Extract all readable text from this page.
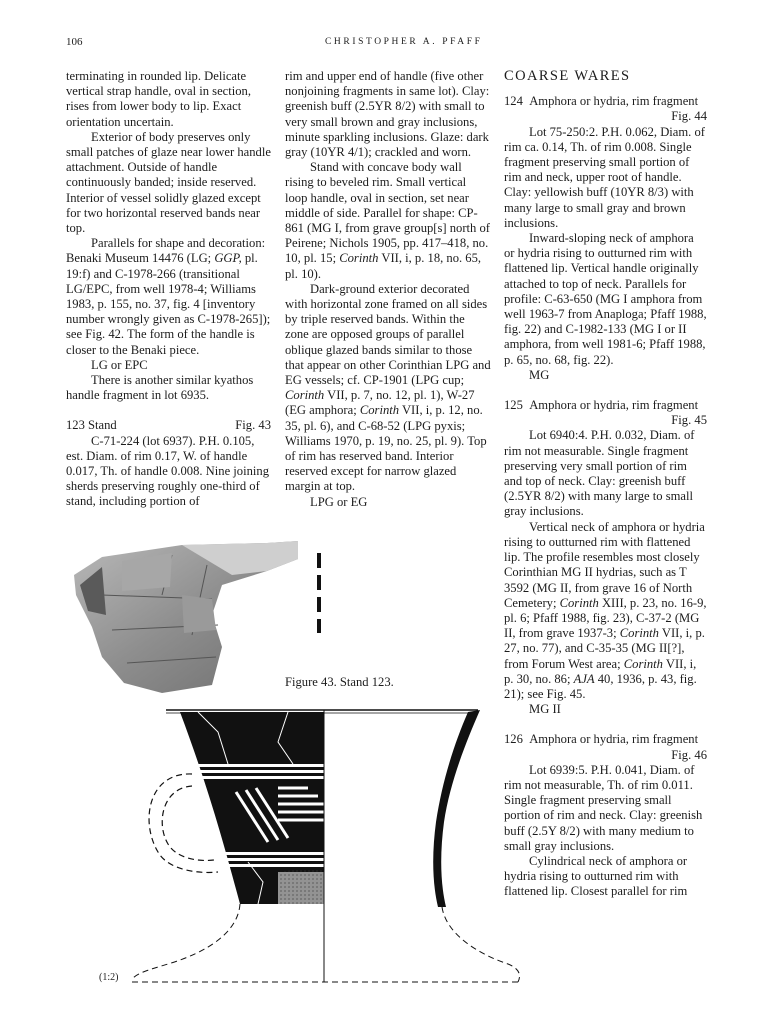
106	CHRISTOPHER A. PFAFF

terminating in rounded lip. Delicate vertical strap handle, oval in section, rises from lower body to lip. Exact orientation uncertain.

Exterior of body preserves only small patches of glaze near lower handle attachment. Outside of handle continuously banded; inside reserved. Interior of vessel solidly glazed except for two horizontal reserved bands near top.

Parallels for shape and decoration: Benaki Museum 14476 (LG; GGP, pl. 19:f) and C-1978-266 (transitional LG/EPC, from well 1978-4; Williams 1983, p. 155, no. 37, fig. 4 [inventory number wrongly given as C-1978-265]); see Fig. 42. The form of the handle is closer to the Benaki piece.

LG or EPC

There is another similar kyathos handle fragment in lot 6935.

123 Stand	Fig. 43

C-71-224 (lot 6937). P.H. 0.105, est. Diam. of rim 0.17, W. of handle 0.017, Th. of handle 0.008. Nine joining sherds preserving roughly one-third of stand, including portion of

rim and upper end of handle (five other nonjoining fragments in same lot). Clay: greenish buff (2.5YR 8/2) with small to very small brown and gray inclusions, minute sparkling inclusions. Glaze: dark gray (10YR 4/1); crackled and worn.

Stand with concave body wall rising to beveled rim. Small vertical loop handle, oval in section, set near middle of side. Parallel for shape: CP-861 (MG I, from grave group[s] north of Peirene; Nichols 1905, pp. 417–418, no. 10, pl. 15; Corinth VII, i, p. 18, no. 65, pl. 10).

Dark-ground exterior decorated with horizontal zone framed on all sides by triple reserved bands. Within the zone are opposed groups of parallel oblique glazed bands similar to those that appear on other Corinthian LPG and EG vessels; cf. CP-1901 (LPG cup; Corinth VII, p. 7, no. 12, pl. 1), W-27 (EG amphora; Corinth VII, i, p. 12, no. 35, pl. 6), and C-68-52 (LPG pyxis; Williams 1970, p. 19, no. 25, pl. 9). Top of rim has reserved band. Interior reserved except for narrow glazed margin at top.

LPG or EG

COARSE WARES
124 Amphora or hydria, rim fragment
Fig. 44

Lot 75-250:2. P.H. 0.062, Diam. of rim ca. 0.14, Th. of rim 0.008. Single fragment preserving small portion of rim and neck, upper root of handle. Clay: yellowish buff (10YR 8/3) with many large to small gray and brown inclusions.

Inward-sloping neck of amphora or hydria rising to outturned rim with flattened lip. Vertical handle originally attached to top of neck. Parallels for profile: C-63-650 (MG I amphora from well 1963-7 from Anaploga; Pfaff 1988, fig. 22) and C-1982-133 (MG I or II amphora, from well 1981-6; Pfaff 1988, p. 65, no. 68, fig. 22).

MG

125 Amphora or hydria, rim fragment
Fig. 45

Lot 6940:4. P.H. 0.032, Diam. of rim not measurable. Single fragment preserving very small portion of rim and top of neck. Clay: greenish buff (2.5YR 8/2) with many large to small gray inclusions.

Vertical neck of amphora or hydria rising to outturned rim with flattened lip. The profile resembles most closely Corinthian MG II hydrias, such as T 3592 (MG II, from grave 16 of North Cemetery; Corinth XIII, p. 23, no. 16-9, pl. 6; Pfaff 1988, fig. 23), C-37-2 (MG II, from grave 1937-3; Corinth VII, i, p. 27, no. 77), and C-35-35 (MG II[?], from Forum West area; Corinth VII, i, p. 30, no. 86; AJA 40, 1936, p. 43, fig. 21); see Fig. 45.

MG II

126 Amphora or hydria, rim fragment
Fig. 46

Lot 6939:5. P.H. 0.041, Diam. of rim not measurable, Th. of rim 0.011. Single fragment preserving small portion of rim and neck. Clay: greenish buff (2.5Y 8/2) with many medium to small gray inclusions.

Cylindrical neck of amphora or hydria rising to outturned rim with flattened lip. Closest parallel for rim

Figure 43. Stand 123.
(1:2)
